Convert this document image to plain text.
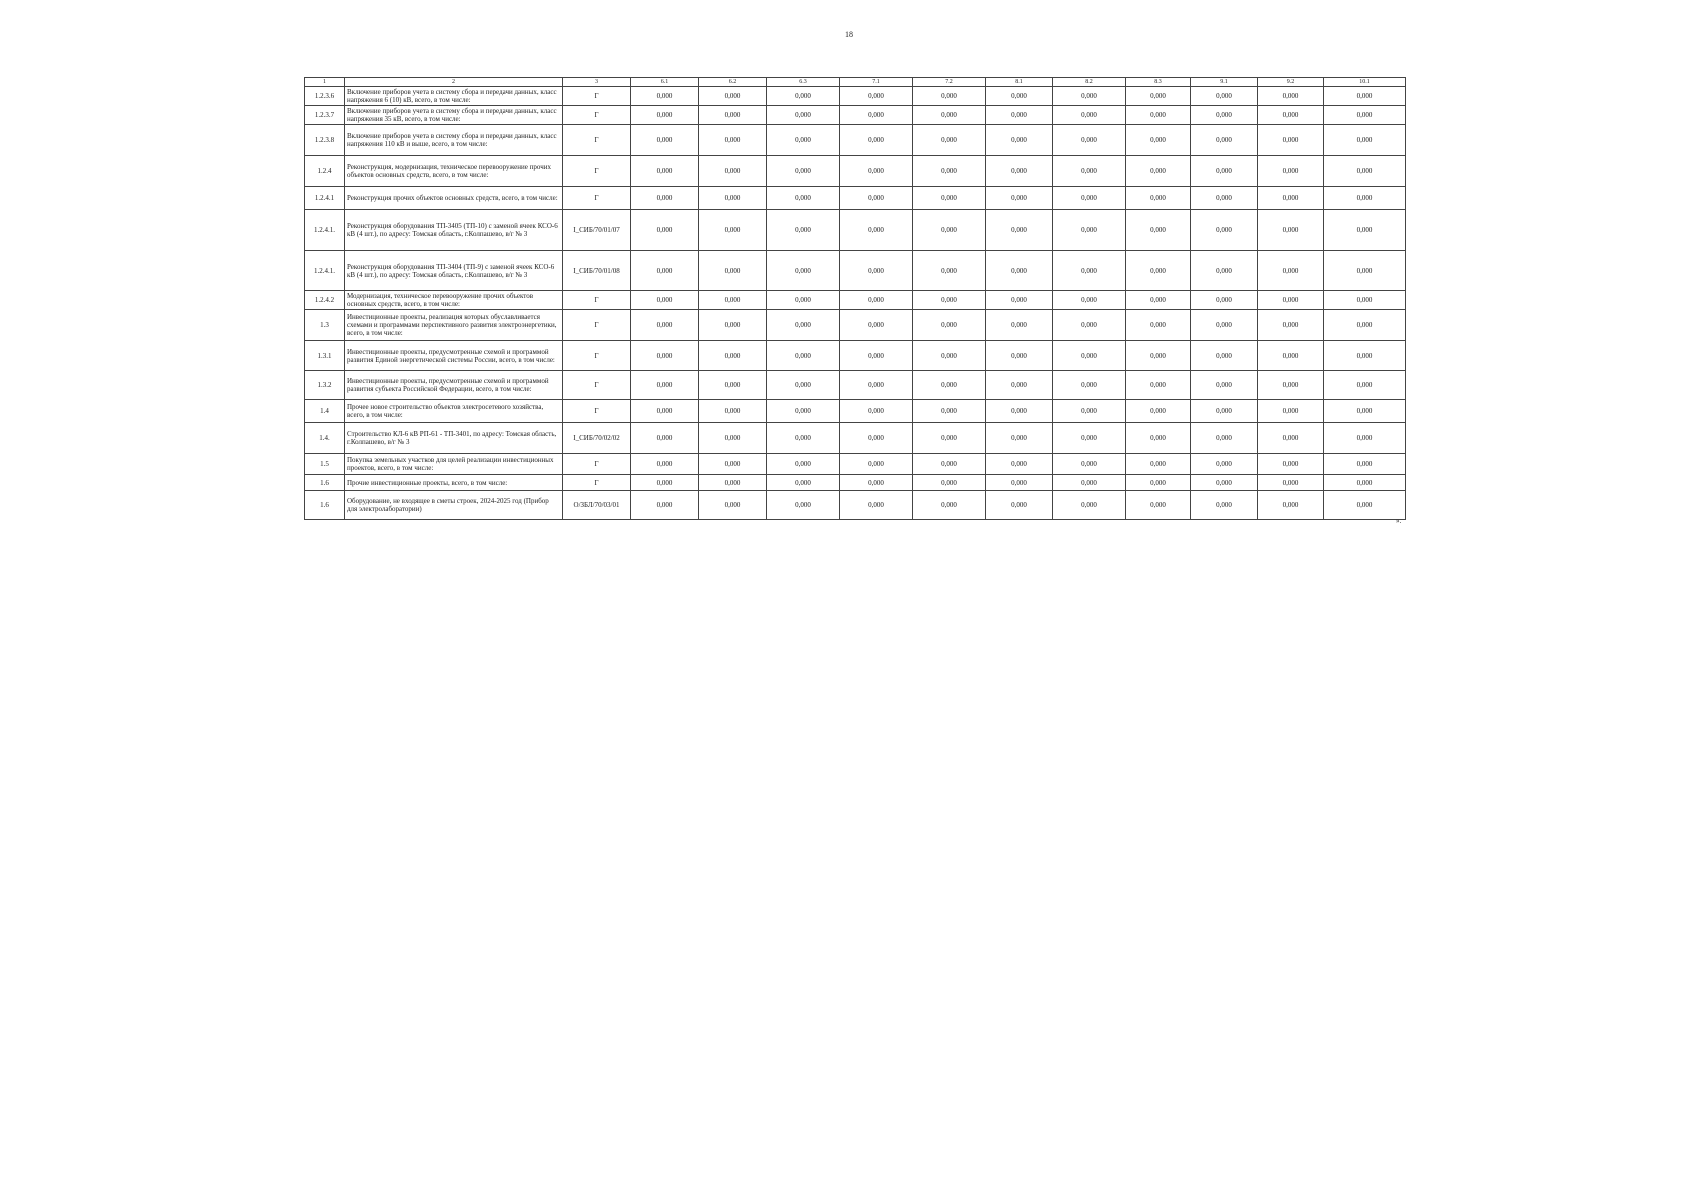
18
1	2	3	6.1	6.2	6.3	7.1	7.2	8.1	8.2	8.3	9.1	9.2	10.1
1.2.3.6	Включение приборов учета в систему сбора и передачи данных, класс напряжения 6 (10) кВ, всего, в том числе:	Г	0,000	0,000	0,000	0,000	0,000	0,000	0,000	0,000	0,000	0,000	0,000
1.2.3.7	Включение приборов учета в систему сбора и передачи данных, класс напряжения 35 кВ, всего, в том числе:	Г	0,000	0,000	0,000	0,000	0,000	0,000	0,000	0,000	0,000	0,000	0,000
1.2.3.8	Включение приборов учета в систему сбора и передачи данных, класс напряжения 110 кВ и выше, всего, в том числе:	Г	0,000	0,000	0,000	0,000	0,000	0,000	0,000	0,000	0,000	0,000	0,000
1.2.4	Реконструкция, модернизация, техническое перевооружение прочих объектов основных средств, всего, в том числе:	Г	0,000	0,000	0,000	0,000	0,000	0,000	0,000	0,000	0,000	0,000	0,000
1.2.4.1	Реконструкция прочих объектов основных средств, всего, в том числе:	Г	0,000	0,000	0,000	0,000	0,000	0,000	0,000	0,000	0,000	0,000	0,000
1.2.4.1.	Реконструкция оборудования ТП-3405 (ТП-10) с заменой ячеек КСО-6 кВ (4 шт.), по адресу: Томская область, г.Колпашево, в/г № 3	I_СИБ/70/01/07	0,000	0,000	0,000	0,000	0,000	0,000	0,000	0,000	0,000	0,000	0,000
1.2.4.1.	Реконструкция оборудования ТП-3404 (ТП-9) с заменой ячеек КСО-6 кВ (4 шт.), по адресу: Томская область, г.Колпашево, в/г № 3	I_СИБ/70/01/08	0,000	0,000	0,000	0,000	0,000	0,000	0,000	0,000	0,000	0,000	0,000
1.2.4.2	Модернизация, техническое перевооружение прочих объектов основных средств, всего, в том числе:	Г	0,000	0,000	0,000	0,000	0,000	0,000	0,000	0,000	0,000	0,000	0,000
1.3	Инвестиционные проекты, реализация которых обуславливается схемами и программами перспективного развития электроэнергетики, всего, в том числе:	Г	0,000	0,000	0,000	0,000	0,000	0,000	0,000	0,000	0,000	0,000	0,000
1.3.1	Инвестиционные проекты, предусмотренные схемой и программой развития Единой энергетической системы России, всего, в том числе:	Г	0,000	0,000	0,000	0,000	0,000	0,000	0,000	0,000	0,000	0,000	0,000
1.3.2	Инвестиционные проекты, предусмотренные схемой и программой развития субъекта Российской Федерации, всего, в том числе:	Г	0,000	0,000	0,000	0,000	0,000	0,000	0,000	0,000	0,000	0,000	0,000
1.4	Прочее новое строительство объектов электросетевого хозяйства, всего, в том числе:	Г	0,000	0,000	0,000	0,000	0,000	0,000	0,000	0,000	0,000	0,000	0,000
1.4.	Строительство КЛ-6 кВ РП-61 - ТП-3401, по адресу: Томская область, г.Колпашево, в/г № 3	I_СИБ/70/02/02	0,000	0,000	0,000	0,000	0,000	0,000	0,000	0,000	0,000	0,000	0,000
1.5	Покупка земельных участков для целей реализации инвестиционных проектов, всего, в том числе:	Г	0,000	0,000	0,000	0,000	0,000	0,000	0,000	0,000	0,000	0,000	0,000
1.6	Прочие инвестиционные проекты, всего, в том числе:	Г	0,000	0,000	0,000	0,000	0,000	0,000	0,000	0,000	0,000	0,000	0,000
1.6	Оборудование, не входящее в сметы строек, 2024-2025 год (Прибор для электролаборатории)	О/ЗБЛ/70/03/01	0,000	0,000	0,000	0,000	0,000	0,000	0,000	0,000	0,000	0,000	0,000
».
